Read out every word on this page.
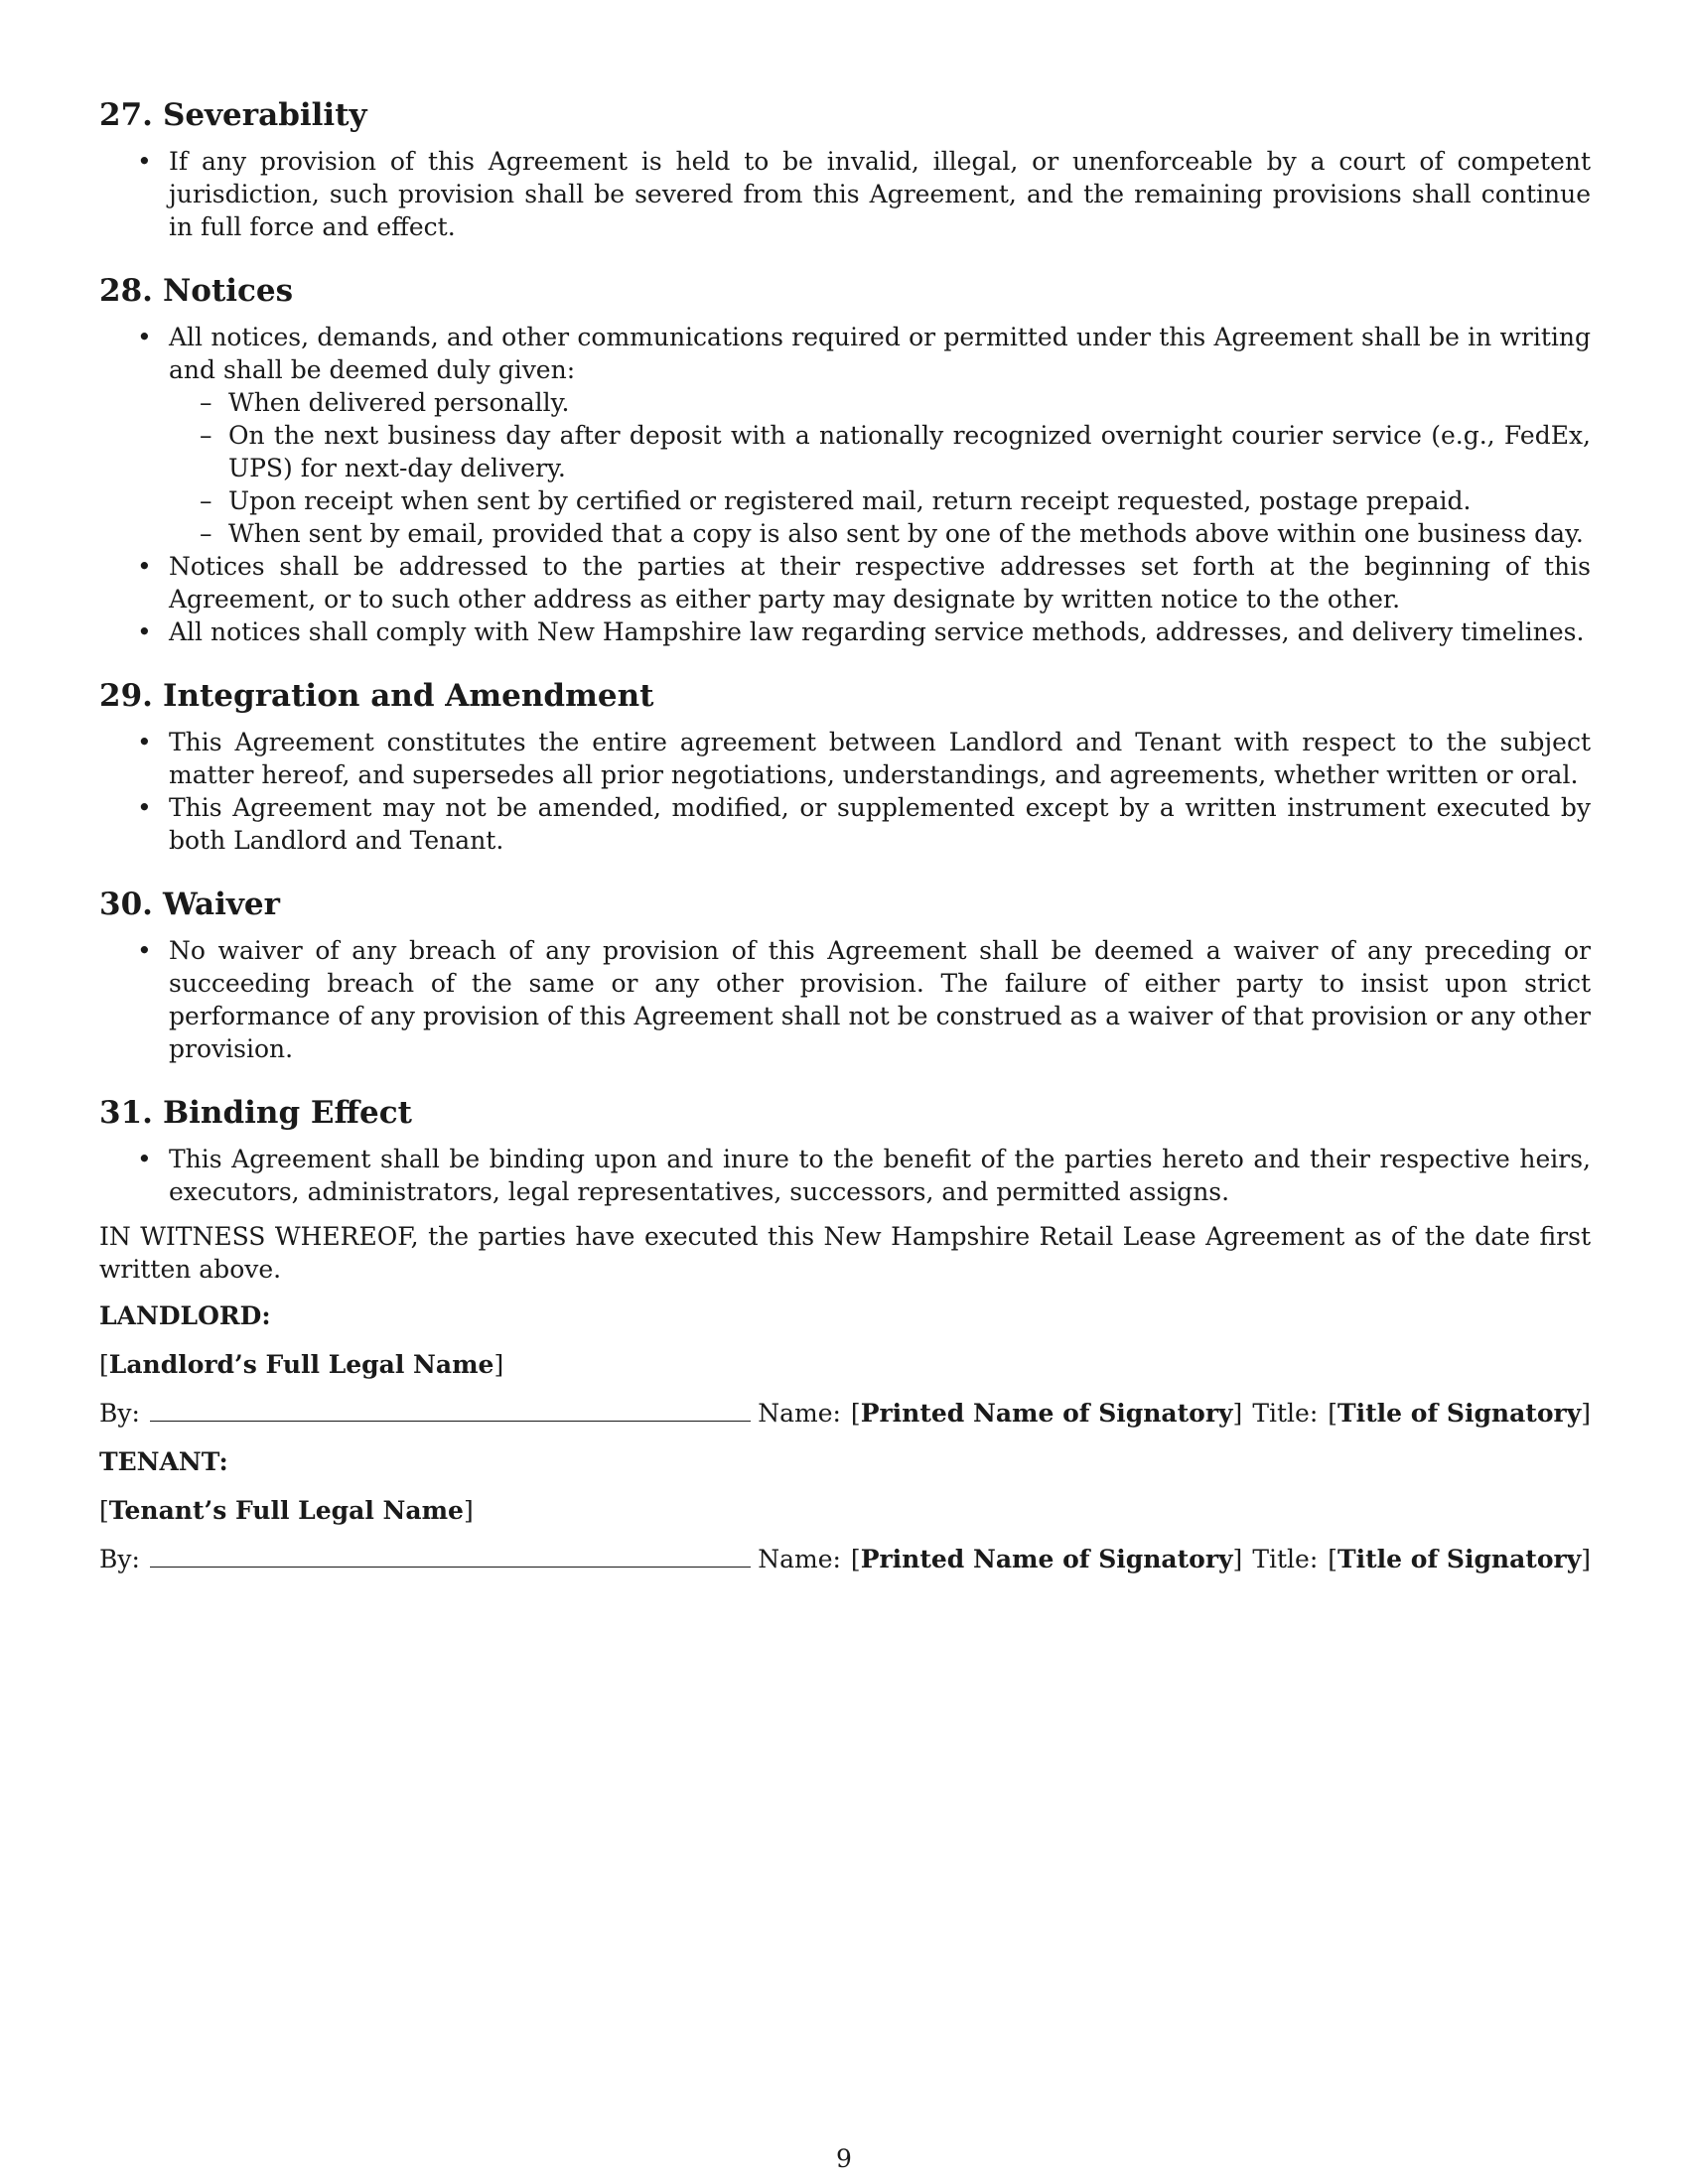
27. Severability
• If any provision of this Agreement is held to be invalid, illegal, or unenforceable by a court of competent jurisdiction, such provision shall be severed from this Agreement, and the remaining provisions shall continue in full force and effect.
28. Notices
• All notices, demands, and other communications required or permitted under this Agreement shall be in writing and shall be deemed duly given:
– When delivered personally.
– On the next business day after deposit with a nationally recognized overnight courier service (e.g., FedEx, UPS) for next-day delivery.
– Upon receipt when sent by certified or registered mail, return receipt requested, postage prepaid.
– When sent by email, provided that a copy is also sent by one of the methods above within one business day.
• Notices shall be addressed to the parties at their respective addresses set forth at the beginning of this Agreement, or to such other address as either party may designate by written notice to the other.
• All notices shall comply with New Hampshire law regarding service methods, addresses, and delivery timelines.
29. Integration and Amendment
• This Agreement constitutes the entire agreement between Landlord and Tenant with respect to the subject matter hereof, and supersedes all prior negotiations, understandings, and agreements, whether written or oral.
• This Agreement may not be amended, modified, or supplemented except by a written instrument executed by both Landlord and Tenant.
30. Waiver
• No waiver of any breach of any provision of this Agreement shall be deemed a waiver of any preceding or succeeding breach of the same or any other provision. The failure of either party to insist upon strict performance of any provision of this Agreement shall not be construed as a waiver of that provision or any other provision.
31. Binding Effect
• This Agreement shall be binding upon and inure to the benefit of the parties hereto and their respective heirs, executors, administrators, legal representatives, successors, and permitted assigns.

IN WITNESS WHEREOF, the parties have executed this New Hampshire Retail Lease Agreement as of the date first written above.

LANDLORD:
[Landlord’s Full Legal Name]
By:	Name: [Printed Name of Signatory] Title: [Title of Signatory]
TENANT:
[Tenant’s Full Legal Name]
By:	Name: [Printed Name of Signatory] Title: [Title of Signatory]
9
